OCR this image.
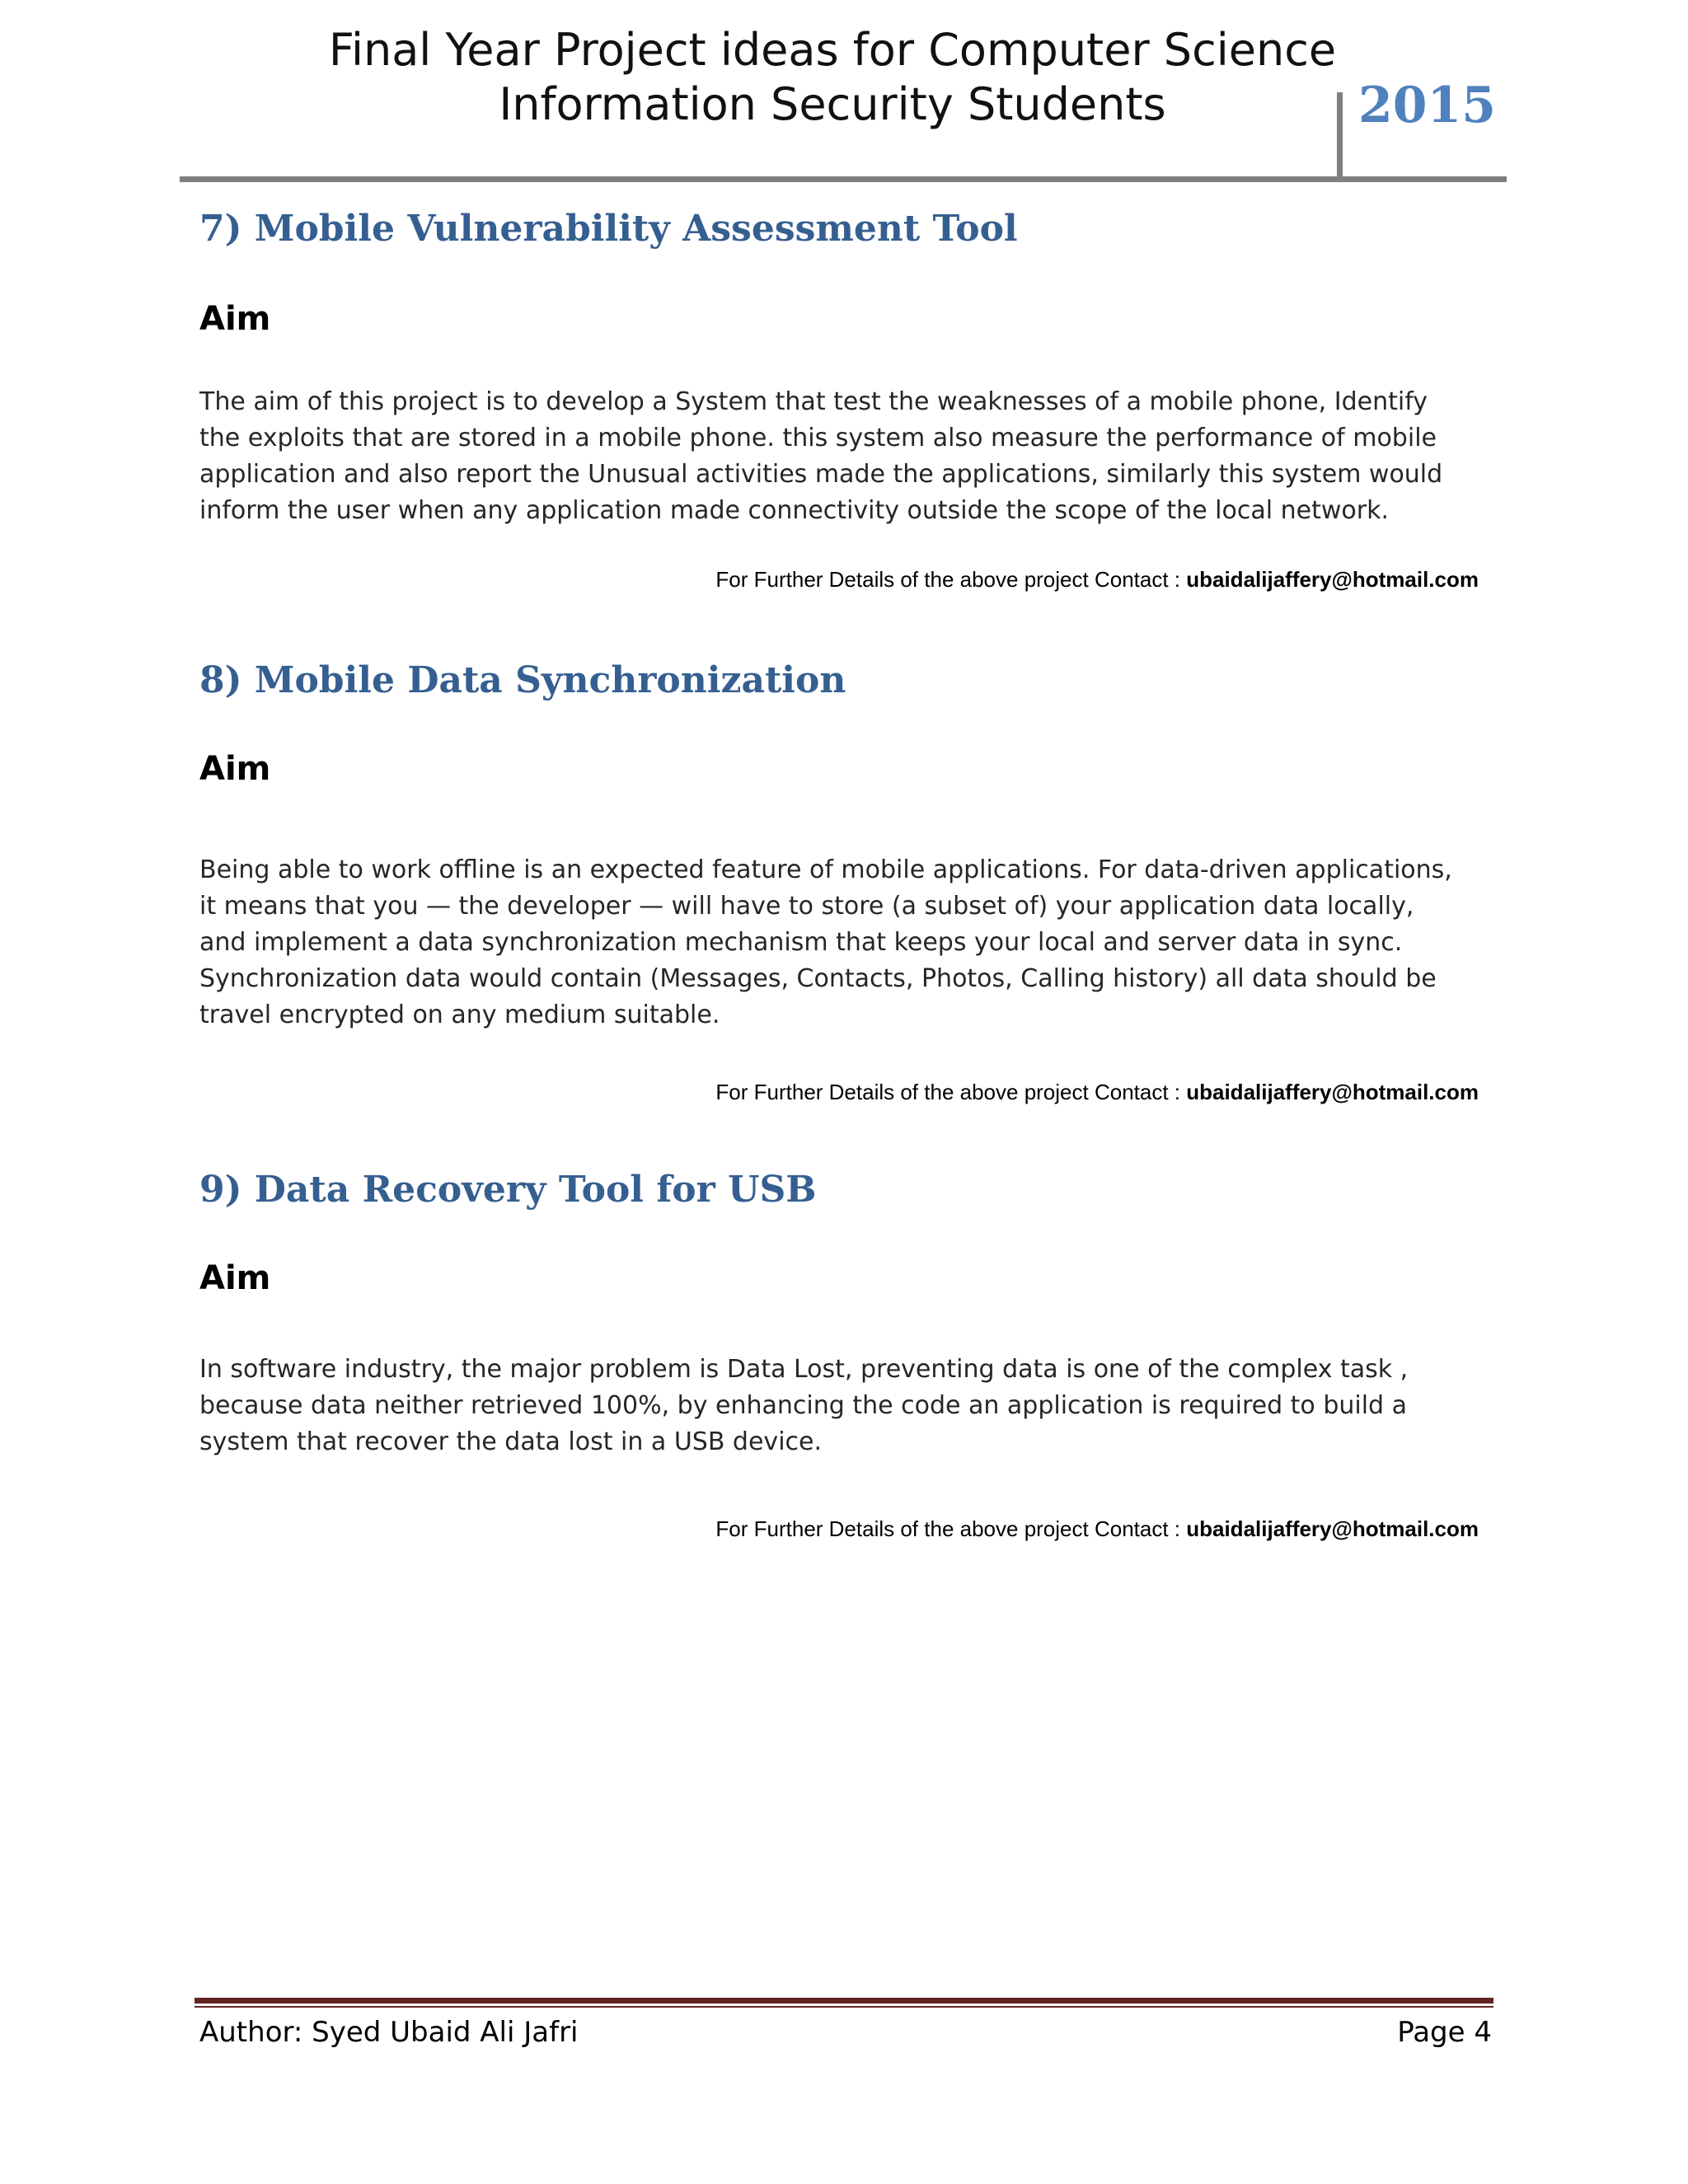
Final Year Project ideas for Computer Science
Information Security Students	2015
7) Mobile Vulnerability Assessment Tool
Aim
The aim of this project is to develop a System that test the weaknesses of a mobile phone, Identify
the exploits that are stored in a mobile phone. this system also measure the performance of mobile
application and also report the Unusual activities made the applications, similarly this system would
inform the user when any application made connectivity outside the scope of the local network.
For Further Details of the above project Contact : ubaidalijaffery@hotmail.com
8) Mobile Data Synchronization
Aim
Being able to work offline is an expected feature of mobile applications. For data-driven applications,
it means that you — the developer — will have to store (a subset of) your application data locally,
and implement a data synchronization mechanism that keeps your local and server data in sync.
Synchronization data would contain (Messages, Contacts, Photos, Calling history) all data should be
travel encrypted on any medium suitable.
For Further Details of the above project Contact : ubaidalijaffery@hotmail.com
9) Data Recovery Tool for USB
Aim
In software industry, the major problem is Data Lost, preventing data is one of the complex task ,
because data neither retrieved 100%, by enhancing the code an application is required to build a
system that recover the data lost in a USB device.
For Further Details of the above project Contact : ubaidalijaffery@hotmail.com
Author: Syed Ubaid Ali Jafri	Page 4
